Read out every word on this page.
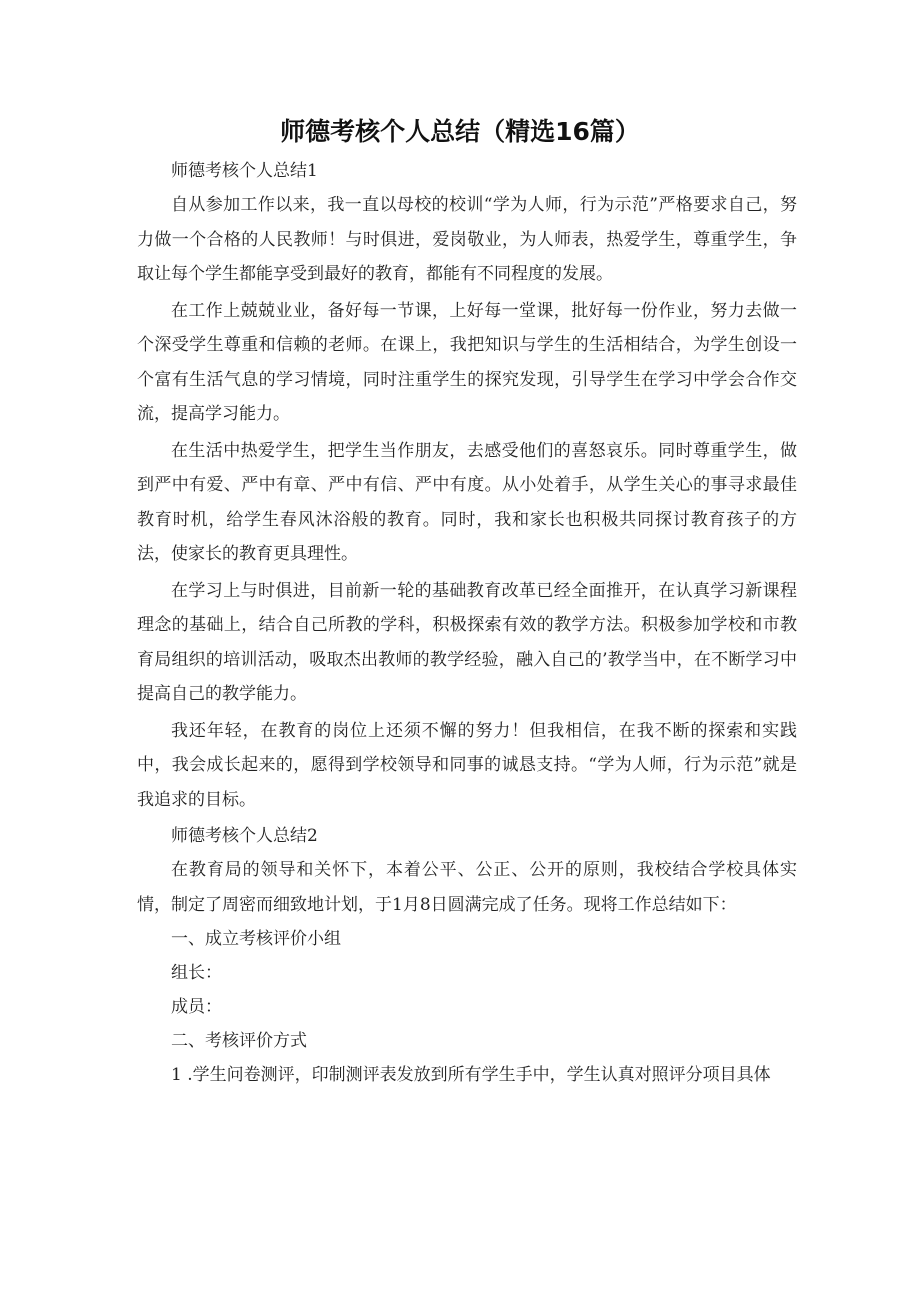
师德考核个人总结（精选16篇）

师德考核个人总结1

自从参加工作以来，我一直以母校的校训“学为人师，行为示范”严格要求自己，努力做一个合格的人民教师！与时俱进，爱岗敬业，为人师表，热爱学生，尊重学生，争取让每个学生都能享受到最好的教育，都能有不同程度的发展。

在工作上兢兢业业，备好每一节课，上好每一堂课，批好每一份作业，努力去做一个深受学生尊重和信赖的老师。在课上，我把知识与学生的生活相结合，为学生创设一个富有生活气息的学习情境，同时注重学生的探究发现，引导学生在学习中学会合作交流，提高学习能力。

在生活中热爱学生，把学生当作朋友，去感受他们的喜怒哀乐。同时尊重学生，做到严中有爱、严中有章、严中有信、严中有度。从小处着手，从学生关心的事寻求最佳教育时机，给学生春风沐浴般的教育。同时，我和家长也积极共同探讨教育孩子的方法，使家长的教育更具理性。

在学习上与时俱进，目前新一轮的基础教育改革已经全面推开，在认真学习新课程理念的基础上，结合自己所教的学科，积极探索有效的教学方法。积极参加学校和市教育局组织的培训活动，吸取杰出教师的教学经验，融入自己的’教学当中，在不断学习中提高自己的教学能力。

我还年轻，在教育的岗位上还须不懈的努力！但我相信，在我不断的探索和实践中，我会成长起来的，愿得到学校领导和同事的诚恳支持。“学为人师，行为示范”就是我追求的目标。

师德考核个人总结2

在教育局的领导和关怀下，本着公平、公正、公开的原则，我校结合学校具体实情，制定了周密而细致地计划，于1月8日圆满完成了任务。现将工作总结如下：

一、成立考核评价小组

组长：

成员：

二、考核评价方式

1 .学生问卷测评，印制测评表发放到所有学生手中，学生认真对照评分项目具体
